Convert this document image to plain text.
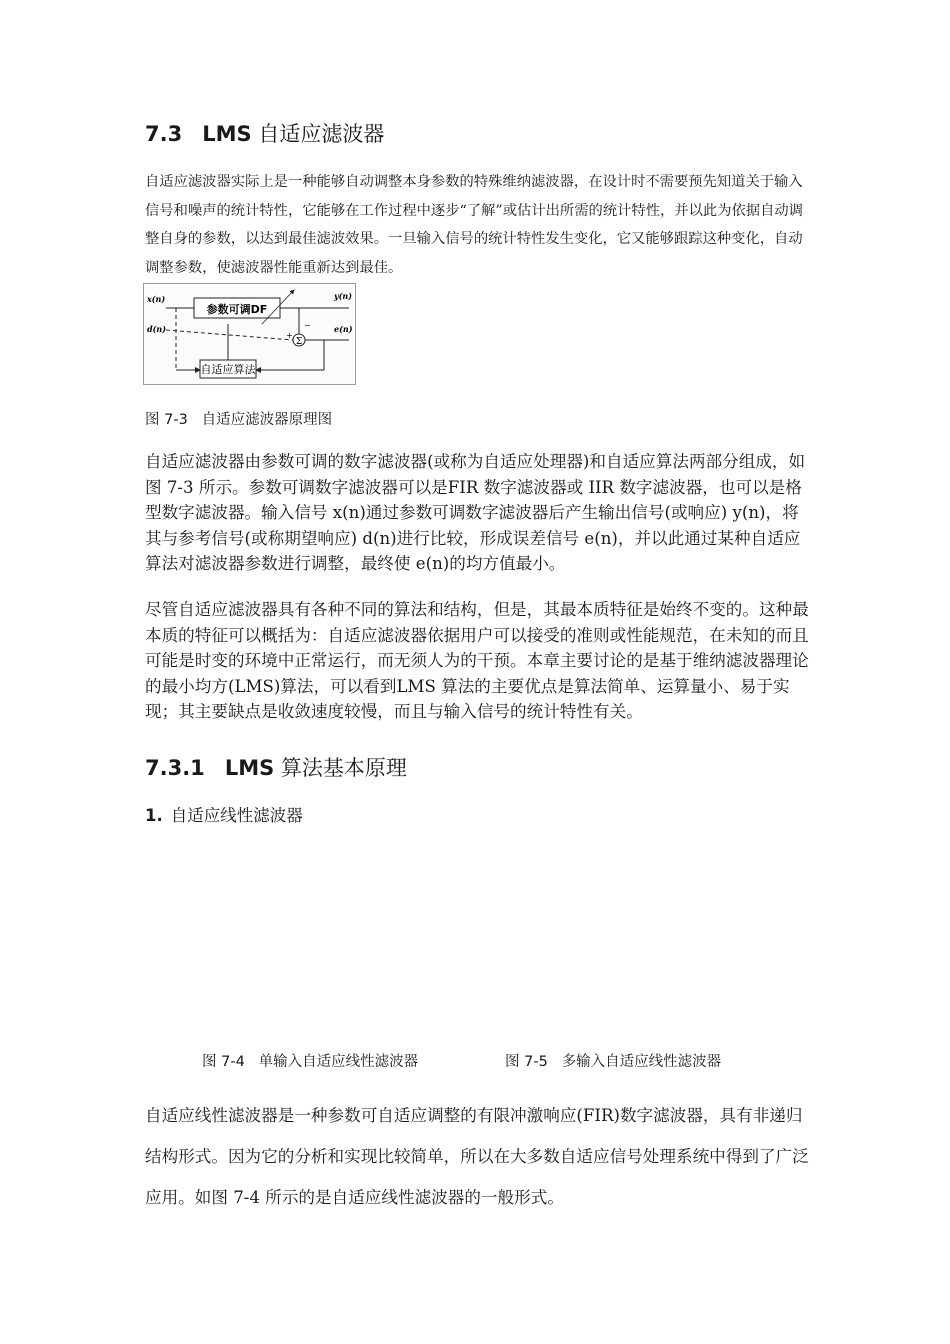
7.3 LMS 自适应滤波器
自适应滤波器实际上是一种能够自动调整本身参数的特殊维纳滤波器，在设计时不需要预先知道关于输入信号和噪声的统计特性，它能够在工作过程中逐步“了解”或估计出所需的统计特性，并以此为依据自动调整自身的参数，以达到最佳滤波效果。一旦输入信号的统计特性发生变化，它又能够跟踪这种变化，自动调整参数，使滤波器性能重新达到最佳。
参数可调DF
Σ
−
+
自适应算法
x(n)
d(n)
y(n)
e(n)
图 7-3 自适应滤波器原理图
自适应滤波器由参数可调的数字滤波器(或称为自适应处理器)和自适应算法两部分组成，如图 7-3 所示。参数可调数字滤波器可以是FIR 数字滤波器或 IIR 数字滤波器，也可以是格型数字滤波器。输入信号 x(n)通过参数可调数字滤波器后产生输出信号(或响应) y(n)，将其与参考信号(或称期望响应) d(n)进行比较，形成误差信号 e(n)，并以此通过某种自适应算法对滤波器参数进行调整，最终使 e(n)的均方值最小。
尽管自适应滤波器具有各种不同的算法和结构，但是，其最本质特征是始终不变的。这种最本质的特征可以概括为：自适应滤波器依据用户可以接受的准则或性能规范，在未知的而且可能是时变的环境中正常运行，而无须人为的干预。本章主要讨论的是基于维纳滤波器理论的最小均方(LMS)算法，可以看到LMS 算法的主要优点是算法简单、运算量小、易于实现；其主要缺点是收敛速度较慢，而且与输入信号的统计特性有关。
7.3.1 LMS 算法基本原理
1. 自适应线性滤波器
图 7-4 单输入自适应线性滤波器	图 7-5 多输入自适应线性滤波器
自适应线性滤波器是一种参数可自适应调整的有限冲激响应(FIR)数字滤波器，具有非递归结构形式。因为它的分析和实现比较简单，所以在大多数自适应信号处理系统中得到了广泛应用。如图 7-4 所示的是自适应线性滤波器的一般形式。
